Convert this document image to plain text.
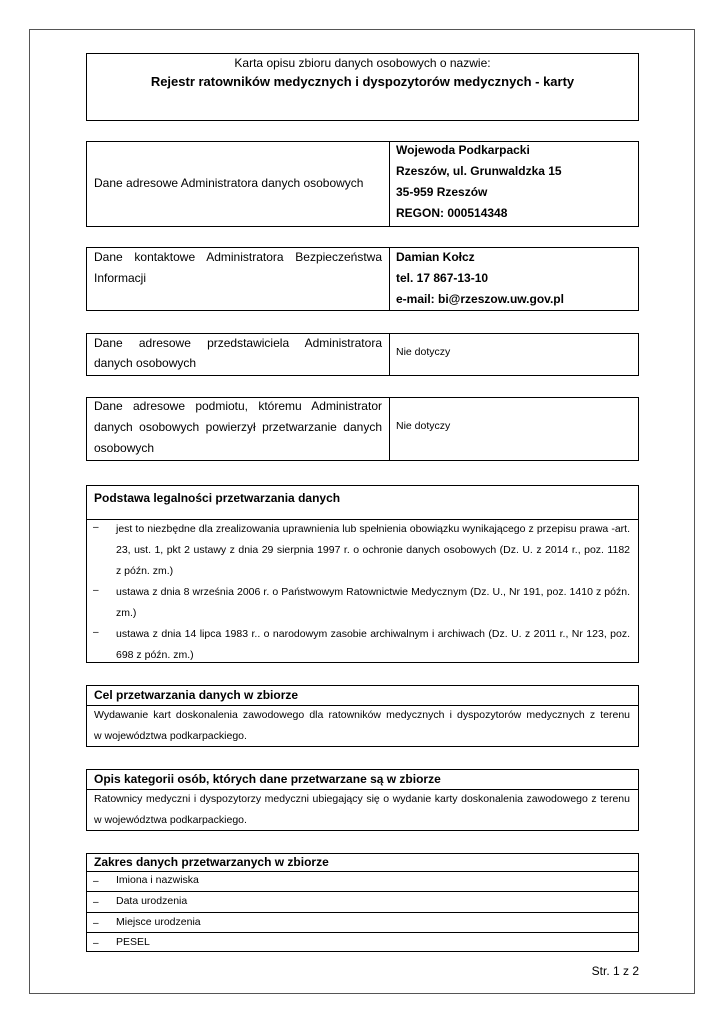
Karta opisu zbioru danych osobowych o nazwie:
Rejestr ratowników medycznych i dyspozytorów medycznych - karty
Dane adresowe Administratora danych osobowych
Wojewoda Podkarpacki
Rzeszów, ul. Grunwaldzka 15
35-959 Rzeszów
REGON: 000514348
Dane kontaktowe Administratora Bezpieczeństwa
Informacji
Damian Kołcz
tel. 17 867-13-10
e-mail: bi@rzeszow.uw.gov.pl
Dane adresowe przedstawiciela Administratora
danych osobowych
Nie dotyczy
Dane adresowe podmiotu, któremu Administrator
danych osobowych powierzył przetwarzanie danych
osobowych
Nie dotyczy
Podstawa legalności przetwarzania danych
– jest to niezbędne dla zrealizowania uprawnienia lub spełnienia obowiązku wynikającego z przepisu prawa -art.
23, ust. 1, pkt 2 ustawy z dnia 29 sierpnia 1997 r. o ochronie danych osobowych (Dz. U. z 2014 r., poz. 1182
z późn. zm.)
– ustawa z dnia 8 września 2006 r. o Państwowym Ratownictwie Medycznym (Dz. U., Nr 191, poz. 1410 z późn.
zm.)
– ustawa z dnia 14 lipca 1983 r.. o narodowym zasobie archiwalnym i archiwach (Dz. U. z 2011 r., Nr 123, poz.
698 z późn. zm.)
Cel przetwarzania danych w zbiorze
Wydawanie kart doskonalenia zawodowego dla ratowników medycznych i dyspozytorów medycznych z terenu
w województwa podkarpackiego.
Opis kategorii osób, których dane przetwarzane są w zbiorze
Ratownicy medyczni i dyspozytorzy medyczni ubiegający się o wydanie karty doskonalenia zawodowego z terenu
w województwa podkarpackiego.
Zakres danych przetwarzanych w zbiorze
– Imiona i nazwiska
– Data urodzenia
– Miejsce urodzenia
– PESEL
Str. 1 z 2
